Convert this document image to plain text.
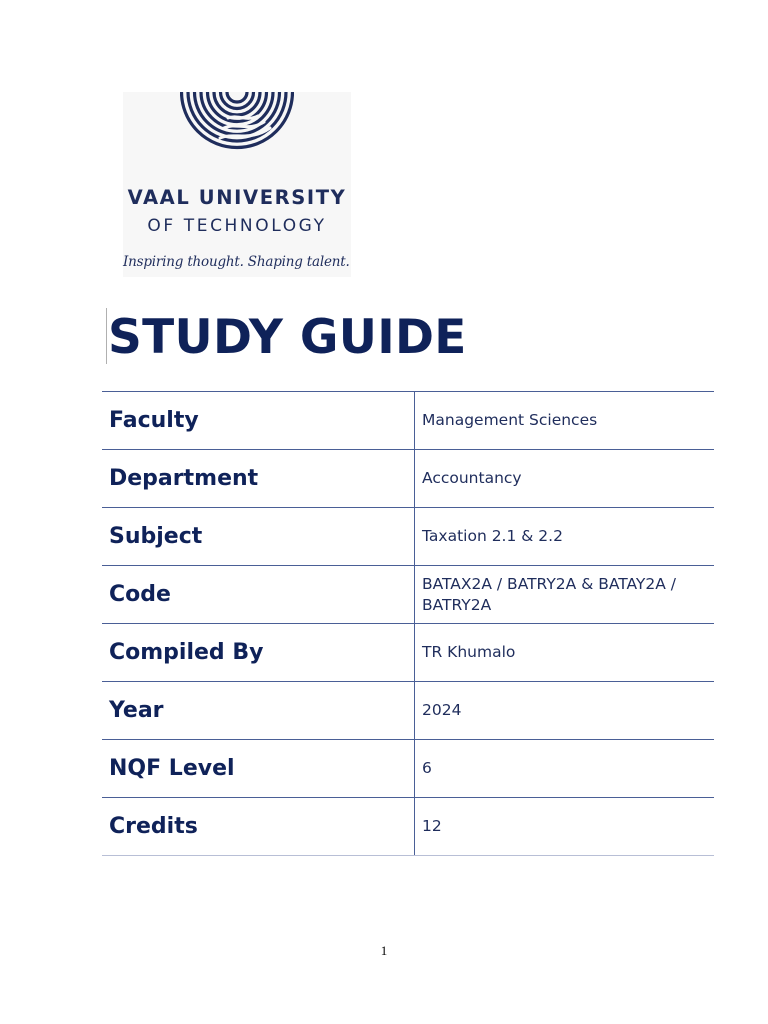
VAAL UNIVERSITY
OF TECHNOLOGY
Inspiring thought. Shaping talent.
STUDY GUIDE
Faculty	Management Sciences
Department	Accountancy
Subject	Taxation 2.1 & 2.2
Code	BATAX2A / BATRY2A & BATAY2A / BATRY2A
Compiled By	TR Khumalo
Year	2024
NQF Level	6
Credits	12
1
